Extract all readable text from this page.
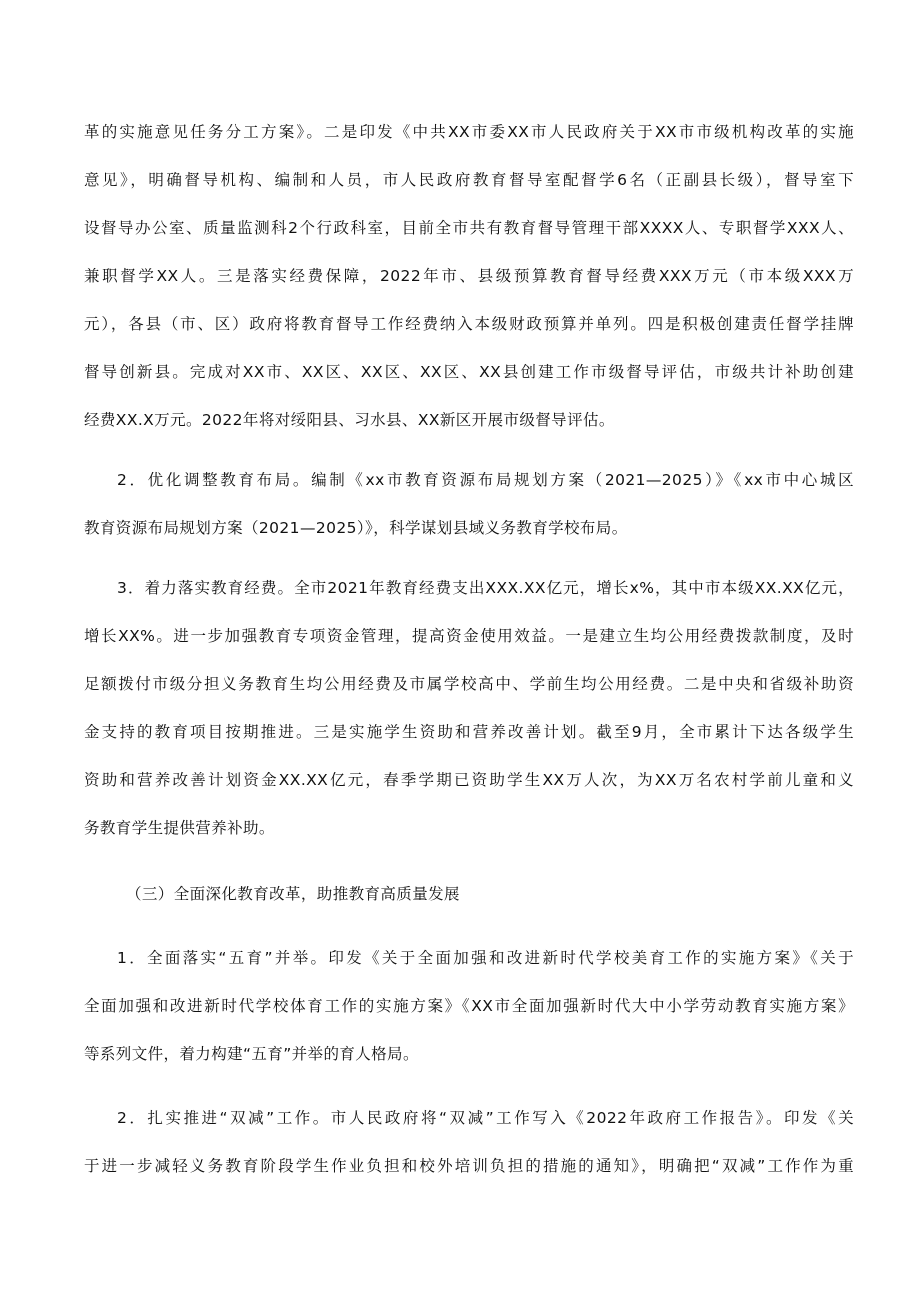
革的实施意见任务分工方案》。二是印发《中共XX市委XX市人民政府关于XX市市级机构改革的实施
意见》，明确督导机构、编制和人员，市人民政府教育督导室配督学6名（正副县长级），督导室下
设督导办公室、质量监测科2个行政科室，目前全市共有教育督导管理干部XXXX人、专职督学XXX人、
兼职督学XX人。三是落实经费保障，2022年市、县级预算教育督导经费XXX万元（市本级XXX万
元），各县（市、区）政府将教育督导工作经费纳入本级财政预算并单列。四是积极创建责任督学挂牌
督导创新县。完成对XX市、XX区、XX区、XX区、XX县创建工作市级督导评估，市级共计补助创建
经费XX.X万元。2022年将对绥阳县、习水县、XX新区开展市级督导评估。
2．优化调整教育布局。编制《xx市教育资源布局规划方案（2021—2025）》《xx市中心城区
教育资源布局规划方案（2021—2025）》，科学谋划县域义务教育学校布局。
3．着力落实教育经费。全市2021年教育经费支出XXX.XX亿元，增长x%，其中市本级XX.XX亿元，
增长XX%。进一步加强教育专项资金管理，提高资金使用效益。一是建立生均公用经费拨款制度，及时
足额拨付市级分担义务教育生均公用经费及市属学校高中、学前生均公用经费。二是中央和省级补助资
金支持的教育项目按期推进。三是实施学生资助和营养改善计划。截至9月，全市累计下达各级学生
资助和营养改善计划资金XX.XX亿元，春季学期已资助学生XX万人次，为XX万名农村学前儿童和义
务教育学生提供营养补助。
（三）全面深化教育改革，助推教育高质量发展
1．全面落实“五育”并举。印发《关于全面加强和改进新时代学校美育工作的实施方案》《关于
全面加强和改进新时代学校体育工作的实施方案》《XX市全面加强新时代大中小学劳动教育实施方案》
等系列文件，着力构建“五育”并举的育人格局。
2．扎实推进“双减”工作。市人民政府将“双减”工作写入《2022年政府工作报告》。印发《关
于进一步减轻义务教育阶段学生作业负担和校外培训负担的措施的通知》，明确把“双减”工作作为重
